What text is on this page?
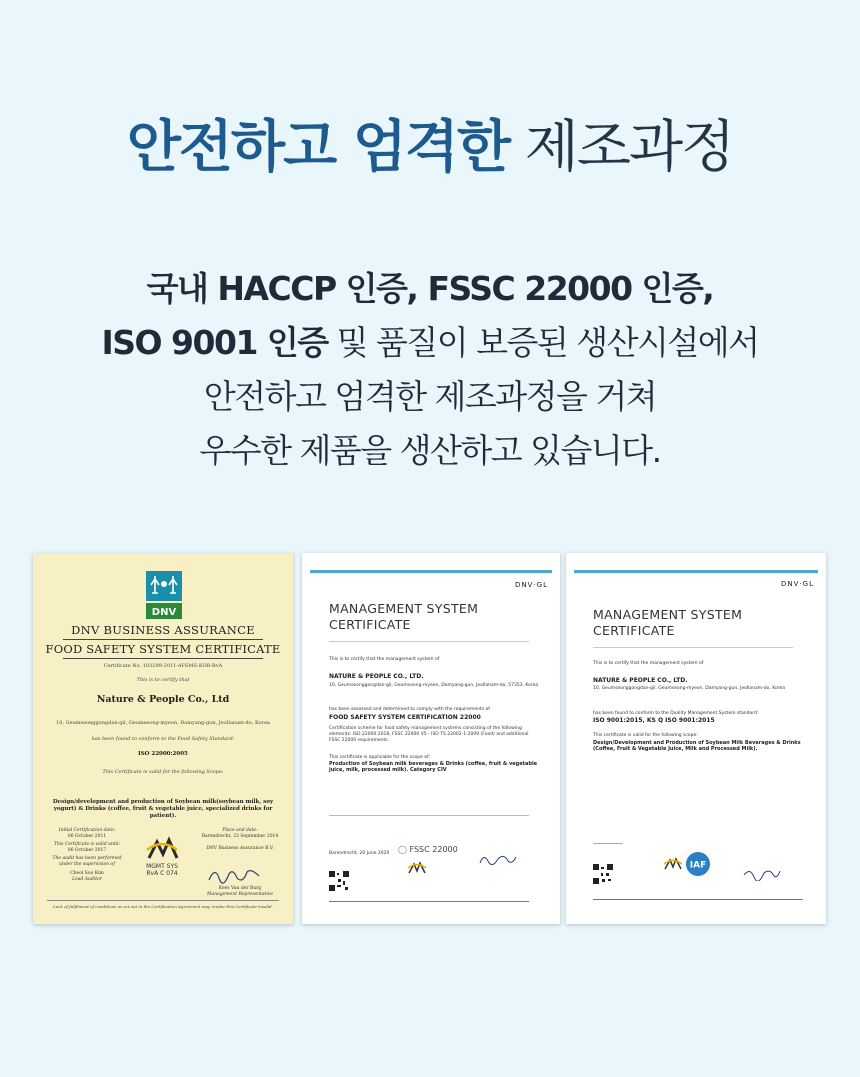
안전하고 엄격한 제조과정
국내 HACCP 인증, FSSC 22000 인증,
ISO 9001 인증 및 품질이 보증된 생산시설에서
안전하고 엄격한 제조과정을 거쳐
우수한 제품을 생산하고 있습니다.
DNV
DNV BUSINESS ASSURANCE
FOOD SAFETY SYSTEM CERTIFICATE
Certificate No. 103299-2011-AFSMS-KOR-RvA
This is to certify that
Nature & People Co., Ltd
10, Geumseonggongdan-gil, Geumseong-myeon, Damyang-gun, Jeollanam-do, Korea
has been found to conform to the Food Safety Standard:
ISO 22000:2005
This Certificate is valid for the following Scope:
Design/development and production of Soybean milk(soybean milk, soy yogurt) & Drinks (coffee, fruit & vegetable juice, specialized drinks for patient).
Initial Certification date:
06 October 2011
This Certificate is valid until:
06 October 2017
The audit has been performed under the supervision of
Cheol Soo Kim
Lead Auditor
MGMT SYS
RvA C 074
Place and date:
Barendrecht, 23 September 2014
DNV Business Assurance B.V.
Kees Van der Burg
Management Representative
Lack of fulfilment of conditions as set out in the Certification Agreement may render this Certificate invalid.
DNV·GL
MANAGEMENT SYSTEM CERTIFICATE
This is to certify that the management system of
NATURE & PEOPLE CO., LTD.
10, Geumseonggongdan-gil, Geumseong-myeon, Damyang-gun, Jeollanam-do, 57353, Korea
has been assessed and determined to comply with the requirements of
FOOD SAFETY SYSTEM CERTIFICATION 22000
Certification scheme for food safety management systems consisting of the following elements: ISO 22000:2018, FSSC 22000 V5 - ISO TS 22002-1:2009 (Food) and additional FSSC 22000 requirements.
This certificate is applicable for the scope of:
Production of Soybean milk beverages & Drinks (coffee, fruit & vegetable juice, milk, processed milk). Category CIV
Barendrecht, 20 June 2020	◯ FSSC 22000
DNV·GL
MANAGEMENT SYSTEM CERTIFICATE
This is to certify that the management system of
NATURE & PEOPLE CO., LTD.
10, Geumseonggongdan-gil, Geumseong-myeon, Damyang-gun, Jeollanam-do, Korea
has been found to conform to the Quality Management System standard:
ISO 9001:2015, KS Q ISO 9001:2015
This certificate is valid for the following scope:
Design/Development and Production of Soybean Milk Beverages & Drinks (Coffee, Fruit & Vegetable Juice, Milk and Processed Milk).
IAF
